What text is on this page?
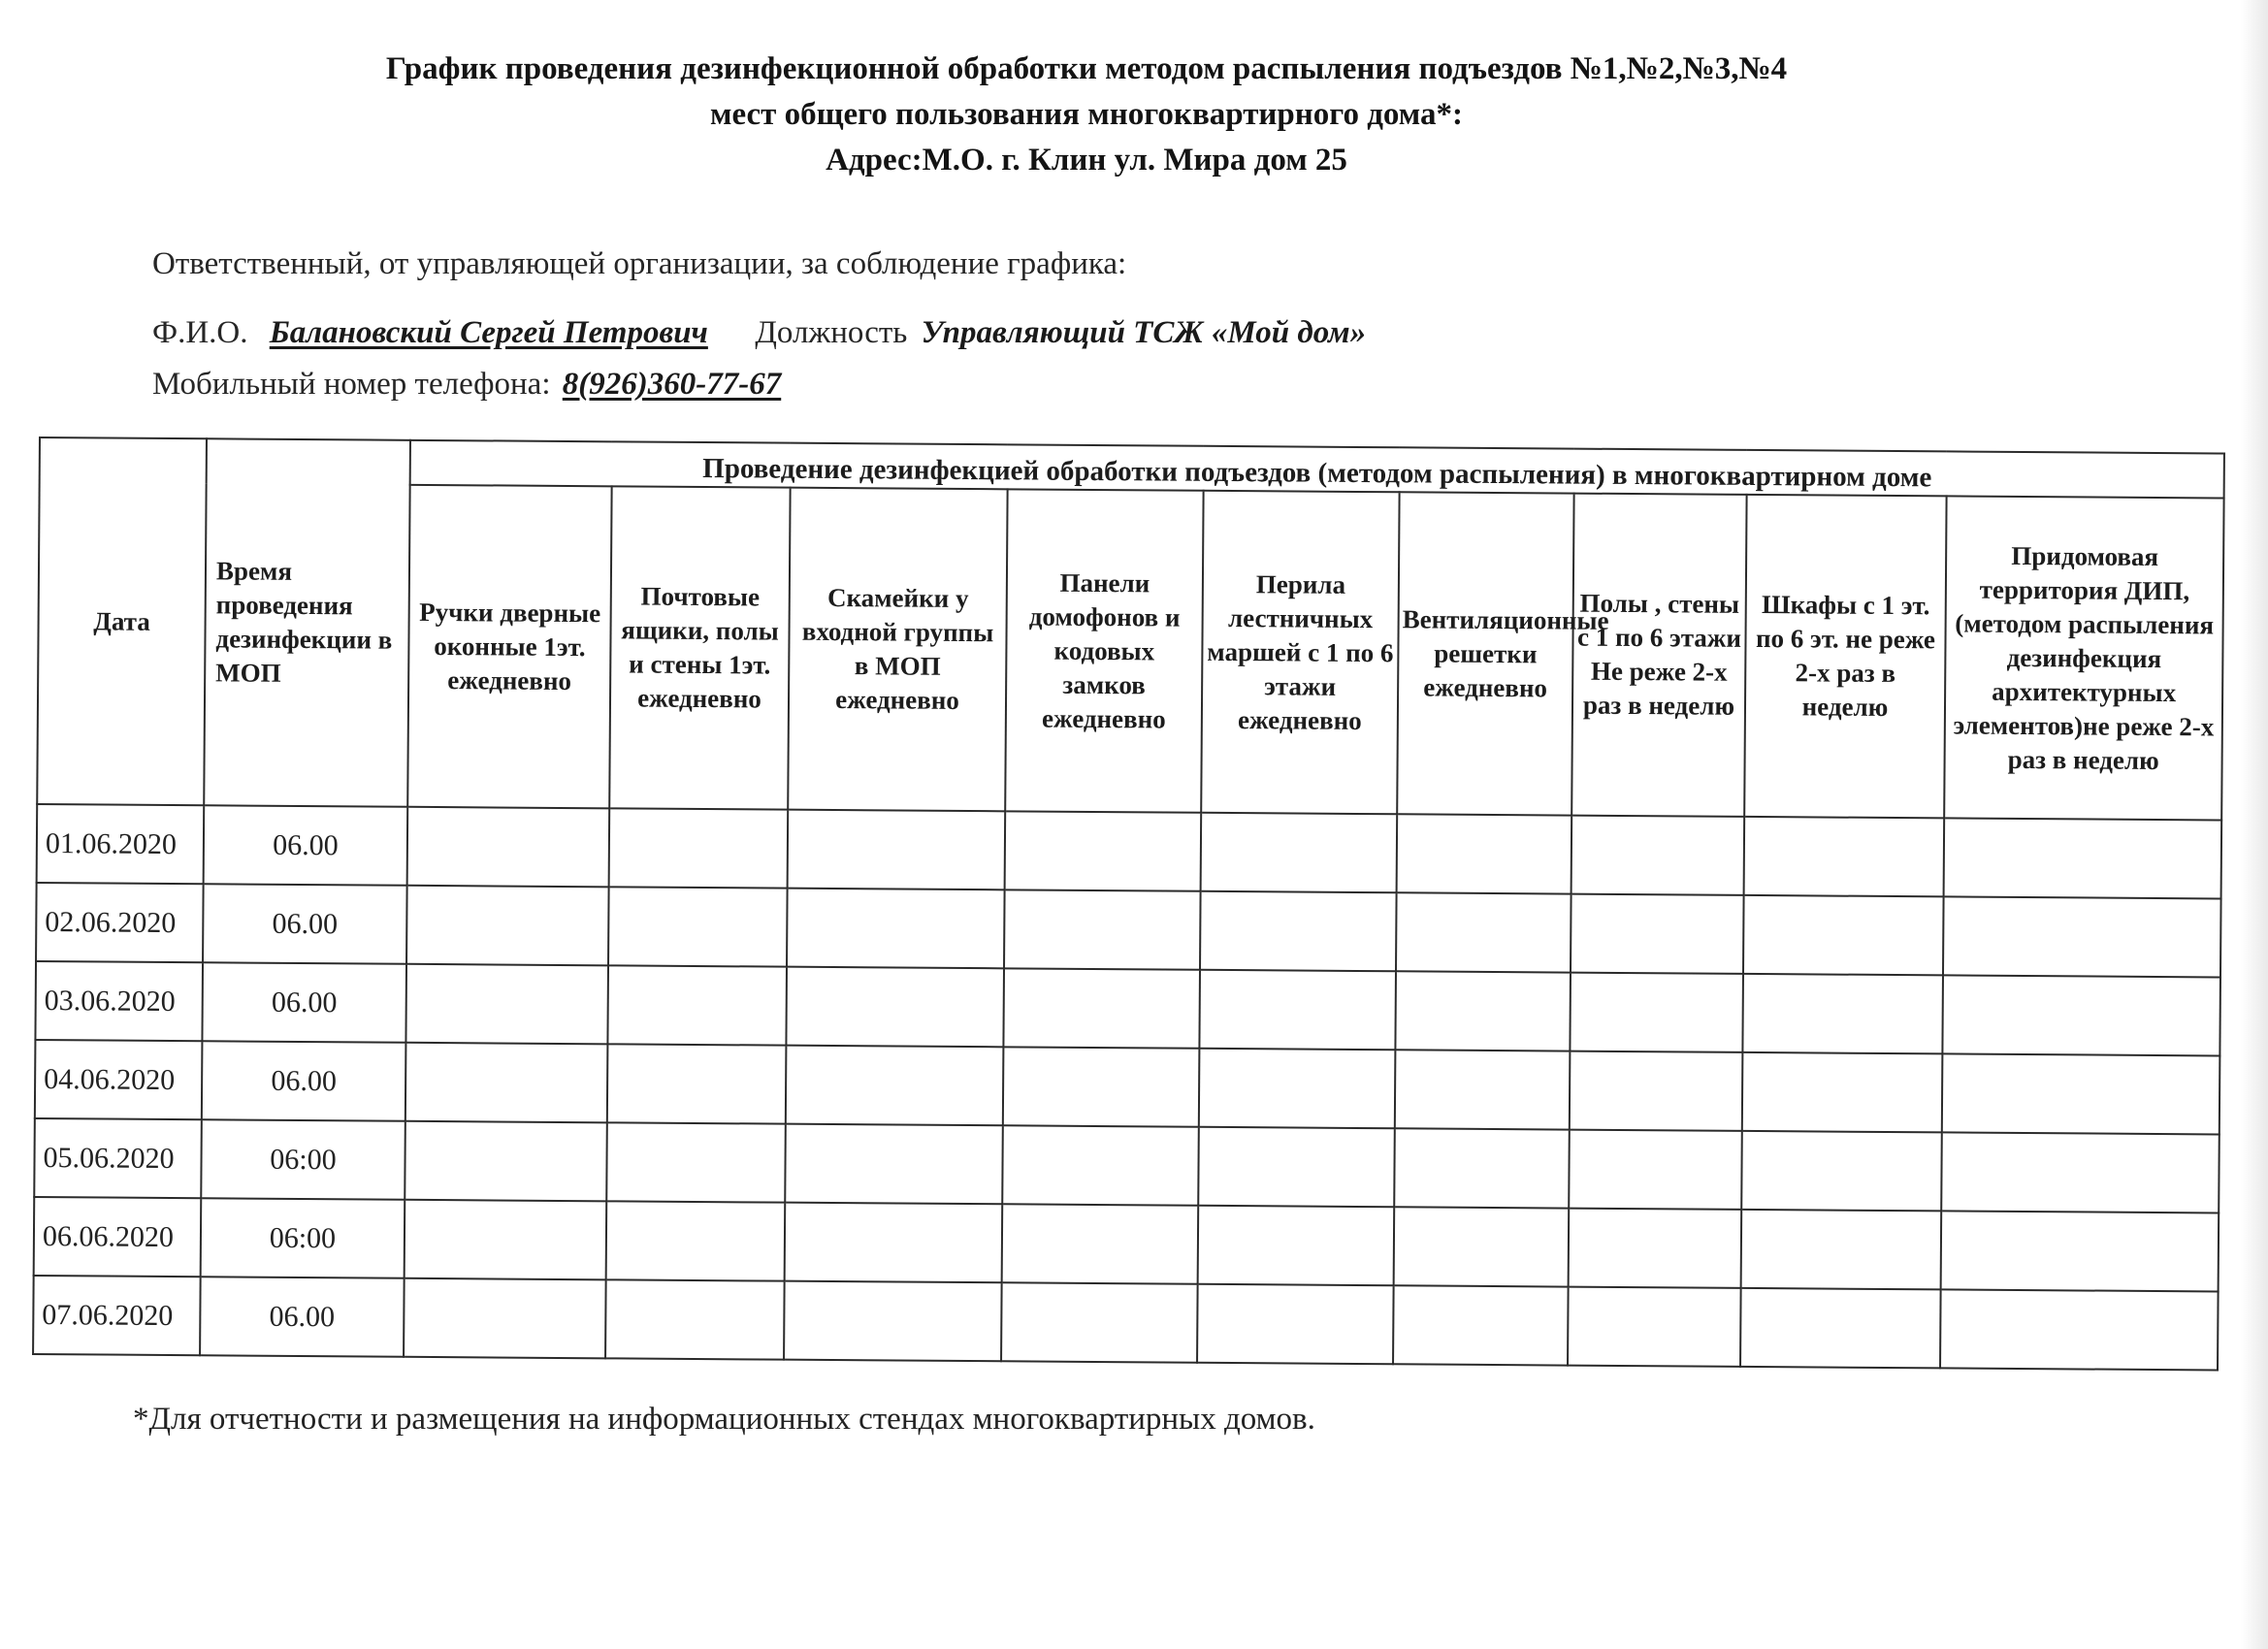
График проведения дезинфекционной обработки методом распыления подъездов №1,№2,№3,№4
мест общего пользования многоквартирного дома*:
Адрес:М.О. г. Клин ул. Мира дом 25
Ответственный, от управляющей организации, за соблюдение графика:
Ф.И.О. Балановский Сергей Петрович Должность Управляющий ТСЖ «Мой дом»
Мобильный номер телефона: 8(926)360-77-67
Дата	Время проведения дезинфекции в МОП	Проведение дезинфекцией обработки подъездов (методом распыления) в многоквартирном доме								
		Ручки дверные оконные 1эт. ежедневно	Почтовые ящики, полы и стены 1эт. ежедневно	Скамейки у входной группы в МОП ежедневно	Панели домофонов и кодовых замков ежедневно	Перила лестничных маршей с 1 по 6 этажи ежедневно	Вентиляционные решетки ежедневно	Полы , стены с 1 по 6 этажи Не реже 2-х раз в неделю	Шкафы с 1 эт. по 6 эт. не реже 2-х раз в неделю	Придомовая территория ДИП, (методом распыления дезинфекция архитектурных элементов)не реже 2-х раз в неделю
01.06.2020	06.00									
02.06.2020	06.00									
03.06.2020	06.00									
04.06.2020	06.00									
05.06.2020	06:00									
06.06.2020	06:00									
07.06.2020	06.00									
*Для отчетности и размещения на информационных стендах многоквартирных домов.
